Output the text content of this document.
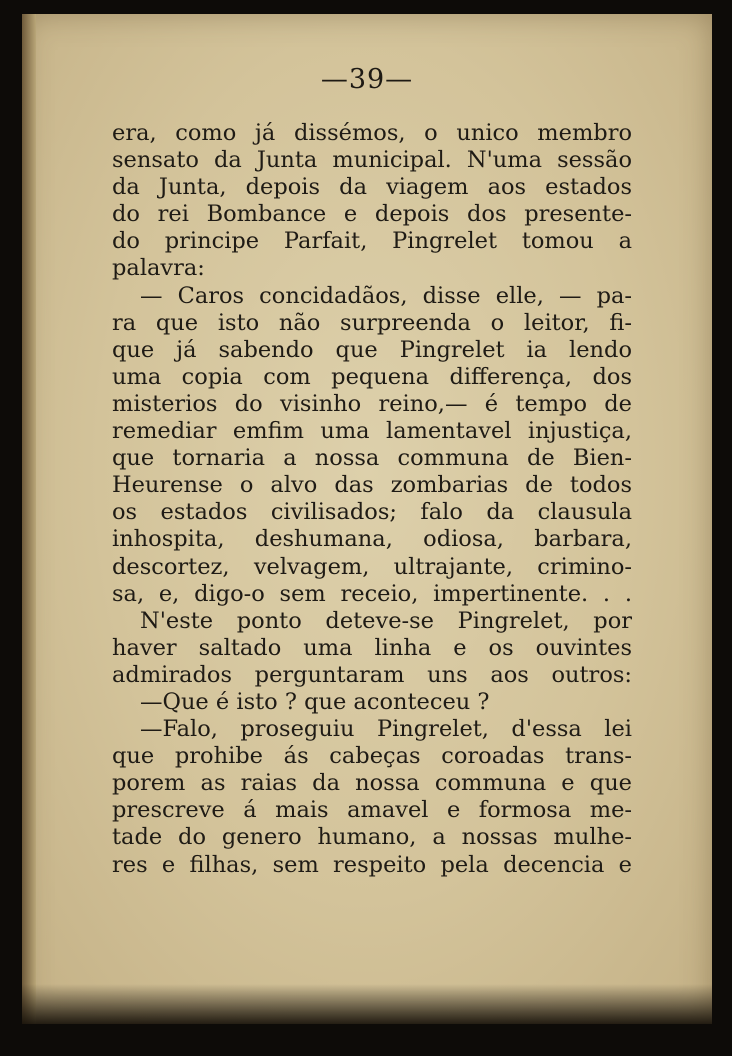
—39—
era, como já dissémos, o unico membro
sensato da Junta municipal. N'uma sessão
da Junta, depois da viagem aos estados
do rei Bombance e depois dos presente-
do principe Parfait, Pingrelet tomou a
palavra:
— Caros concidadãos, disse elle, — pa-
ra que isto não surpreenda o leitor, fi-
que já sabendo que Pingrelet ia lendo
uma copia com pequena differença, dos
misterios do visinho reino,— é tempo de
remediar emfim uma lamentavel injustiça,
que tornaria a nossa communa de Bien-
Heurense o alvo das zombarias de todos
os estados civilisados; falo da clausula
inhospita, deshumana, odiosa, barbara,
descortez, velvagem, ultrajante, crimino-
sa, e, digo-o sem receio, impertinente. . .
N'este ponto deteve-se Pingrelet, por
haver saltado uma linha e os ouvintes
admirados perguntaram uns aos outros:
—Que é isto ? que aconteceu ?
—Falo, proseguiu Pingrelet, d'essa lei
que prohibe ás cabeças coroadas trans-
porem as raias da nossa communa e que
prescreve á mais amavel e formosa me-
tade do genero humano, a nossas mulhe-
res e filhas, sem respeito pela decencia e
